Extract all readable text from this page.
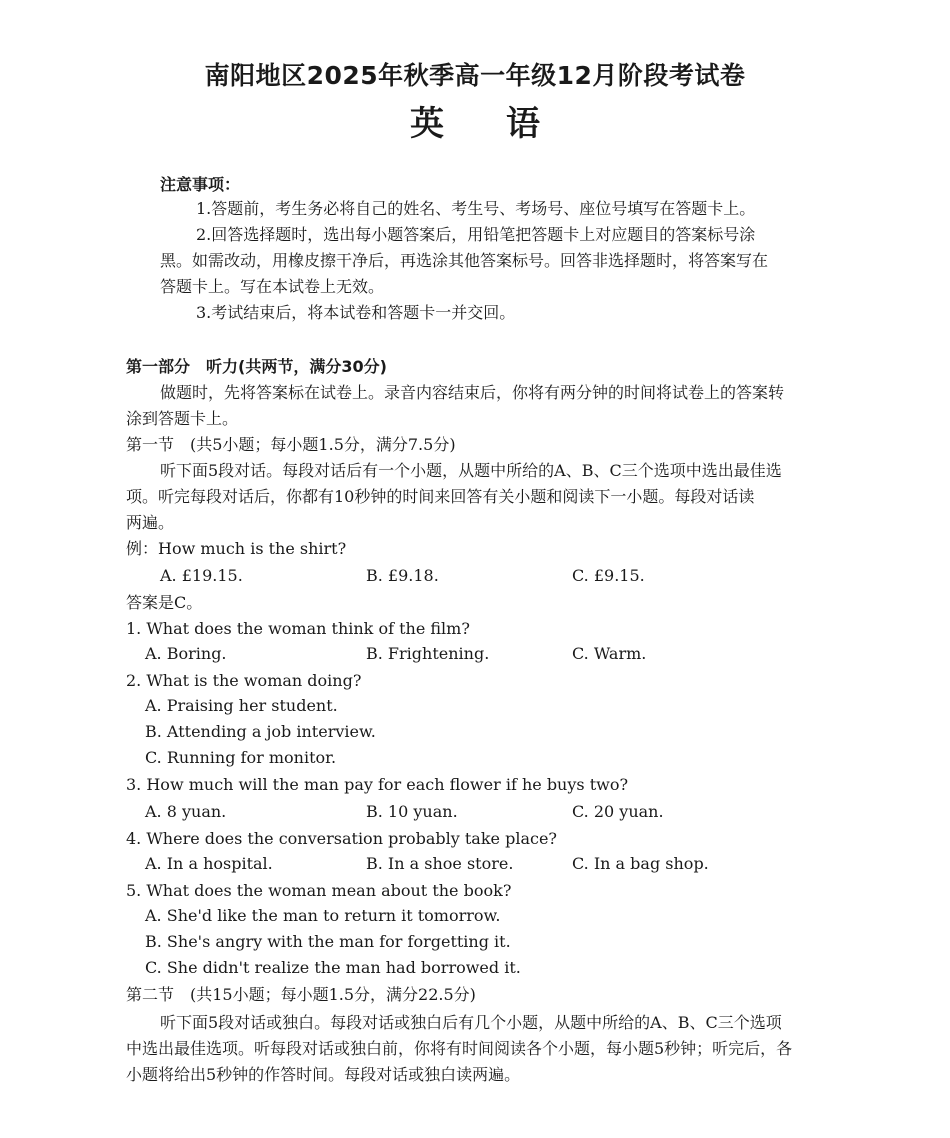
南阳地区2025年秋季高一年级12月阶段考试卷
英语
注意事项：
1.答题前，考生务必将自己的姓名、考生号、考场号、座位号填写在答题卡上。
2.回答选择题时，选出每小题答案后，用铅笔把答题卡上对应题目的答案标号涂
黑。如需改动，用橡皮擦干净后，再选涂其他答案标号。回答非选择题时，将答案写在
答题卡上。写在本试卷上无效。
3.考试结束后，将本试卷和答题卡一并交回。
第一部分　听力(共两节，满分30分)
做题时，先将答案标在试卷上。录音内容结束后，你将有两分钟的时间将试卷上的答案转
涂到答题卡上。
第一节　(共5小题；每小题1.5分，满分7.5分)
听下面5段对话。每段对话后有一个小题，从题中所给的A、B、C三个选项中选出最佳选
项。听完每段对话后，你都有10秒钟的时间来回答有关小题和阅读下一小题。每段对话读
两遍。
例：How much is the shirt?
A. £19.15.	B. £9.18.	C. £9.15.
答案是C。
1. What does the woman think of the film?
A. Boring.	B. Frightening.	C. Warm.
2. What is the woman doing?
A. Praising her student.
B. Attending a job interview.
C. Running for monitor.
3. How much will the man pay for each flower if he buys two?
A. 8 yuan.	B. 10 yuan.	C. 20 yuan.
4. Where does the conversation probably take place?
A. In a hospital.	B. In a shoe store.	C. In a bag shop.
5. What does the woman mean about the book?
A. She'd like the man to return it tomorrow.
B. She's angry with the man for forgetting it.
C. She didn't realize the man had borrowed it.
第二节　(共15小题；每小题1.5分，满分22.5分)
听下面5段对话或独白。每段对话或独白后有几个小题，从题中所给的A、B、C三个选项
中选出最佳选项。听每段对话或独白前，你将有时间阅读各个小题，每小题5秒钟；听完后，各
小题将给出5秒钟的作答时间。每段对话或独白读两遍。
